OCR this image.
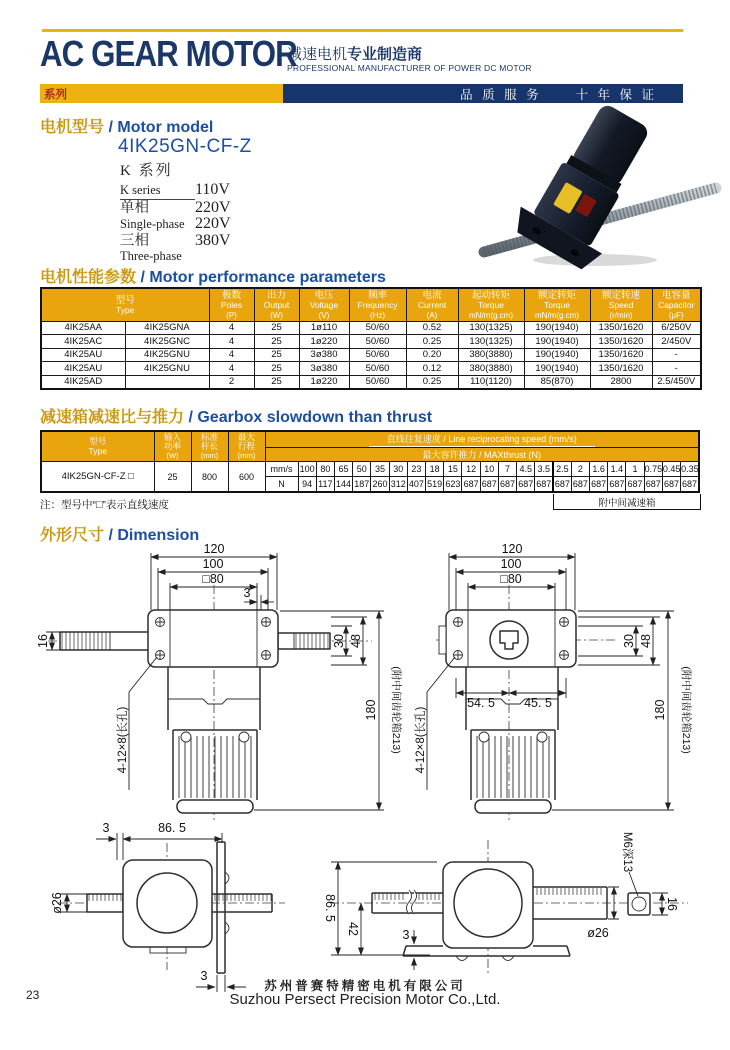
AC GEAR MOTOR
减速电机专业制造商
PROFESSIONAL MANUFACTURER OF POWER DC MOTOR
系列	品 质 服 务	十 年 保 证
电机型号 / Motor model
4IK25GN-CF-Z
K 系列
K series	110V
单相	220V
Single-phase 220V
三相	380V
Three-phase
电机性能参数 / Motor performance parameters
型号
Type

极数
Poles
(P)

出力
Output
(W)

电压
Voltage
(V)

频率
Frequency
(Hz)

电流
Current
(A)

起动转矩
Torque
mN/m(g.cm)

额定转矩
Torque
mN/m(g.cm)

额定转速
Speed
(r/min)

电容量
Capacitor
(μF)

4IK25AA	4IK25GNA	4	25	1ø110	50/60	0.52	130(1325)	190(1940)	1350/1620	6/250V
4IK25AC	4IK25GNC	4	25	1ø220	50/60	0.25	130(1325)	190(1940)	1350/1620	2/450V
4IK25AU	4IK25GNU	4	25	3ø380	50/60	0.20	380(3880)	190(1940)	1350/1620	-
4IK25AU	4IK25GNU	4	25	3ø380	50/60	0.12	380(3880)	190(1940)	1350/1620	-
4IK25AD		2	25	1ø220	50/60	0.25	110(1120)	85(870)	2800	2.5/450V
减速箱减速比与推力 / Gearbox slowdown than thrust
型号
Type

输入功率
(W)

标准杆长
(mm)

最大行程
(mm)
	直线往复速度 / Line reciprocating speed (mm/s)
				最大容许推力 / MAXthrust (N)																						
4IK25GN-CF-Z □	25	800	600	mm/s	100	80	65	50	35	30	23	18	15	12	10	7	4.5	3.5	2.5	2	1.6	1.4	1	0.75	0.45	0.35
				N	94	117	144	187	260	312	407	519	623	687	687	687	687	687	687	687	687	687	687	687	687	687
注：型号中“□”表示直线速度	附中间减速箱
外形尺寸 / Dimension
120
100
□80
3
16	30 48
180 (附中间齿轮箱213)
4-12×8(长孔)
120
100
□80
54. 5 45. 5
30 48
180 (附中间齿轮箱213)
4-12×8(长孔)
3	86. 5
ø26
3
86. 5
42	3
M6深13
16
ø26
苏州普赛特精密电机有限公司
Suzhou Persect Precision Motor Co.,Ltd.
23
